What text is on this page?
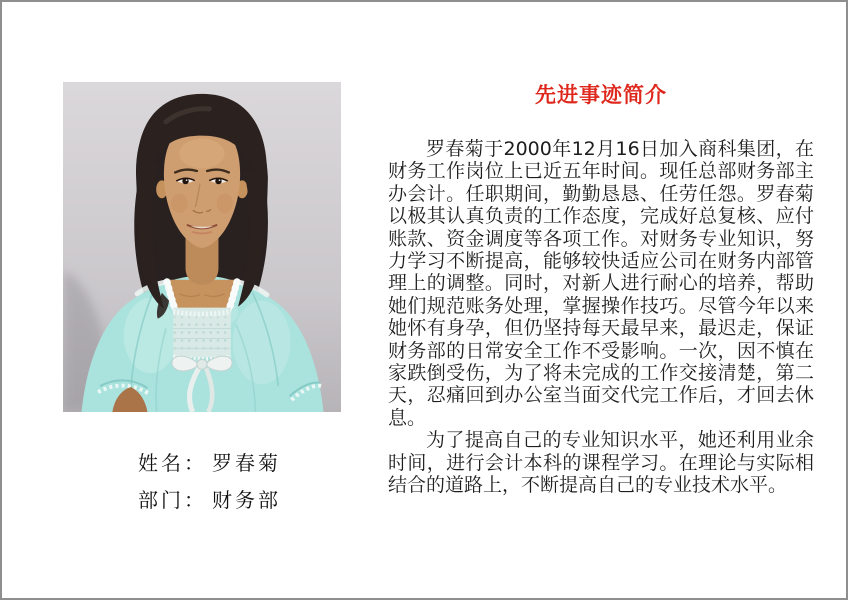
姓名： 罗春菊
部门： 财务部
先进事迹简介

罗春菊于2000年12月16日加入商科集团，在财务工作岗位上已近五年时间。现任总部财务部主办会计。任职期间，勤勤恳恳、任劳任怨。罗春菊以极其认真负责的工作态度，完成好总复核、应付账款、资金调度等各项工作。对财务专业知识，努力学习不断提高，能够较快适应公司在财务内部管理上的调整。同时，对新人进行耐心的培养，帮助她们规范账务处理，掌握操作技巧。尽管今年以来她怀有身孕，但仍坚持每天最早来，最迟走，保证财务部的日常安全工作不受影响。一次，因不慎在家跌倒受伤，为了将未完成的工作交接清楚，第二天，忍痛回到办公室当面交代完工作后，才回去休息。

为了提高自己的专业知识水平，她还利用业余时间，进行会计本科的课程学习。在理论与实际相结合的道路上，不断提高自己的专业技术水平。
